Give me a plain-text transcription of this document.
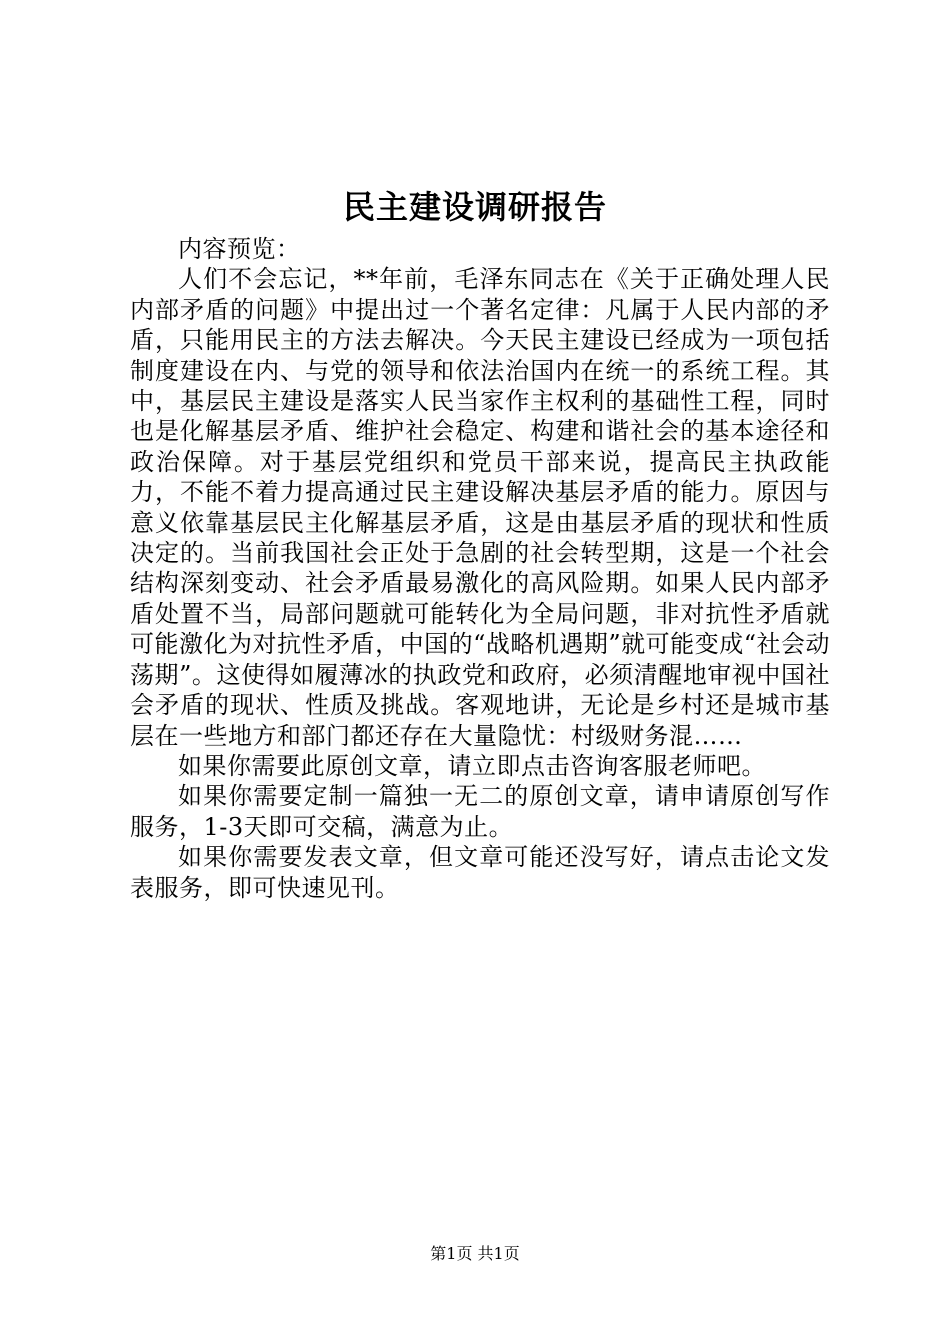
民主建设调研报告

内容预览：

人们不会忘记，**年前，毛泽东同志在《关于正确处理人民内部矛盾的问题》中提出过一个著名定律：凡属于人民内部的矛盾，只能用民主的方法去解决。今天民主建设已经成为一项包括制度建设在内、与党的领导和依法治国内在统一的系统工程。其中，基层民主建设是落实人民当家作主权利的基础性工程，同时也是化解基层矛盾、维护社会稳定、构建和谐社会的基本途径和政治保障。对于基层党组织和党员干部来说，提高民主执政能力，不能不着力提高通过民主建设解决基层矛盾的能力。原因与意义依靠基层民主化解基层矛盾，这是由基层矛盾的现状和性质决定的。当前我国社会正处于急剧的社会转型期，这是一个社会结构深刻变动、社会矛盾最易激化的高风险期。如果人民内部矛盾处置不当，局部问题就可能转化为全局问题，非对抗性矛盾就可能激化为对抗性矛盾，中国的“战略机遇期”就可能变成“社会动荡期”。这使得如履薄冰的执政党和政府，必须清醒地审视中国社会矛盾的现状、性质及挑战。客观地讲，无论是乡村还是城市基层在一些地方和部门都还存在大量隐忧：村级财务混……

如果你需要此原创文章，请立即点击咨询客服老师吧。

如果你需要定制一篇独一无二的原创文章，请申请原创写作服务，1-3天即可交稿，满意为止。

如果你需要发表文章，但文章可能还没写好，请点击论文发表服务，即可快速见刊。

第1页 共1页
